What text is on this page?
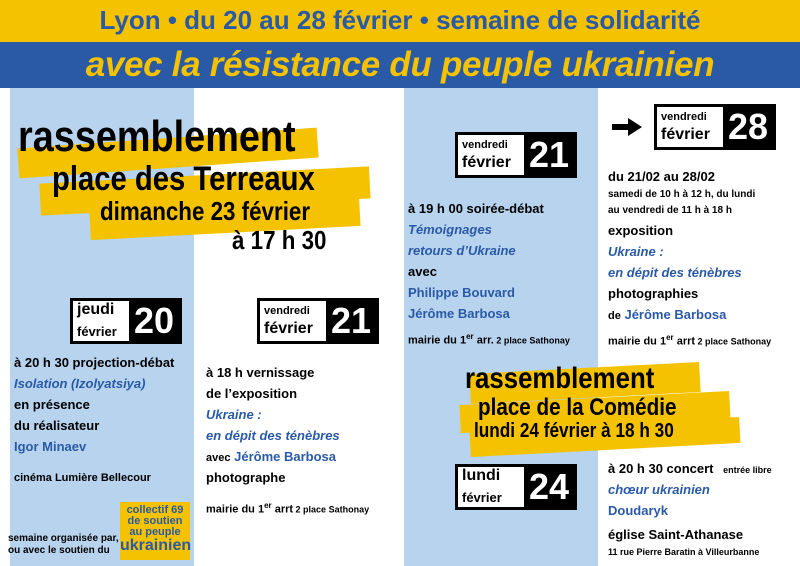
Lyon • du 20 au 28 février • semaine de solidarité
avec la résistance du peuple ukrainien
rassemblement
place des Terreaux
dimanche 23 février
à 17 h 30
rassemblement
place de la Comédie
lundi 24 février à 18 h 30
jeudi
février 20	vendredi
février 21
vendredi
février 21
vendredi
février 28
lundi
février 24
à 20 h 30 projection-débat
Isolation (Izolyatsiya)
en présence
du réalisateur
Igor Minaev
cinéma Lumière Bellecour
à 18 h vernissage
de l’exposition
Ukraine :
en dépit des ténèbres
avec Jérôme Barbosa
photographe
mairie du 1er arrt 2 place Sathonay
à 19 h 00 soirée-débat
Témoignages
retours d’Ukraine
avec
Philippe Bouvard
Jérôme Barbosa
mairie du 1er arr. 2 place Sathonay
du 21/02 au 28/02
samedi de 10 h à 12 h, du lundi
au vendredi de 11 h à 18 h
exposition
Ukraine :
en dépit des ténèbres
photographies
de Jérôme Barbosa
mairie du 1er arrt 2 place Sathonay
à 20 h 30 concert entrée libre
chœur ukrainien
Doudaryk
église Saint-Athanase
11 rue Pierre Baratin à Villeurbanne
semaine organisée par,
ou avec le soutien du
collectif 69
de soutien
au peuple
ukrainien
